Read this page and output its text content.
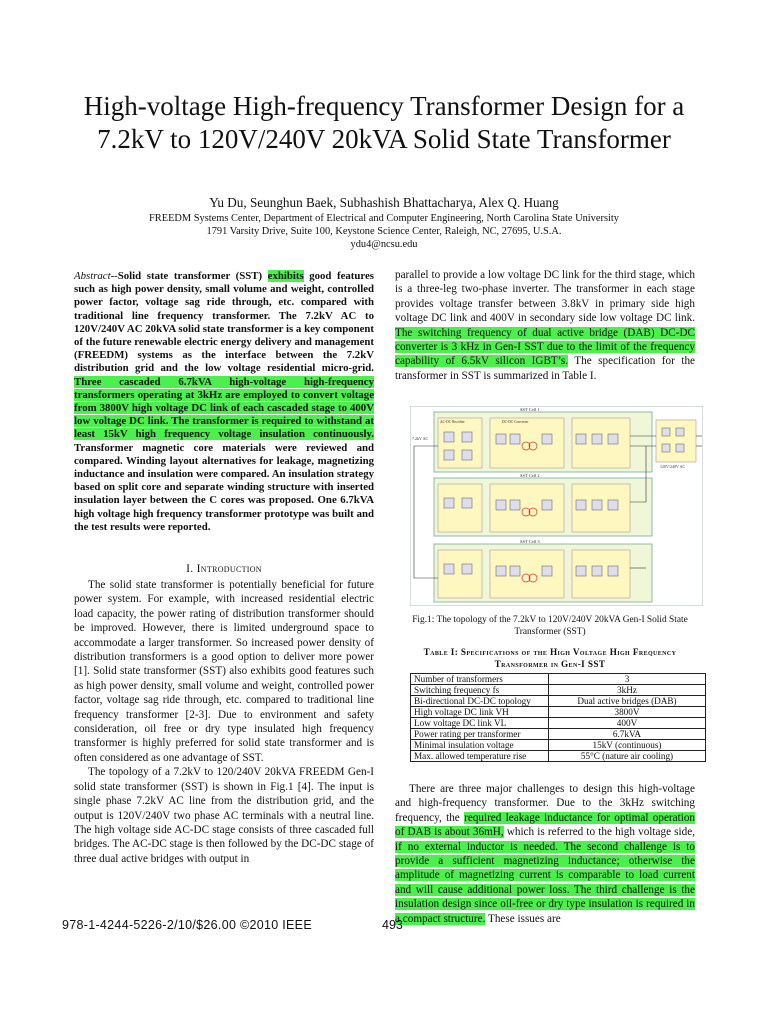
High-voltage High-frequency Transformer Design for a 7.2kV to 120V/240V 20kVA Solid State Transformer
Yu Du, Seunghun Baek, Subhashish Bhattacharya, Alex Q. Huang
FREEDM Systems Center, Department of Electrical and Computer Engineering, North Carolina State University
1791 Varsity Drive, Suite 100, Keystone Science Center, Raleigh, NC, 27695, U.S.A.
ydu4@ncsu.edu
Abstract--Solid state transformer (SST) exhibits good features such as high power density, small volume and weight, controlled power factor, voltage sag ride through, etc. compared with traditional line frequency transformer. The 7.2kV AC to 120V/240V AC 20kVA solid state transformer is a key component of the future renewable electric energy delivery and management (FREEDM) systems as the interface between the 7.2kV distribution grid and the low voltage residential micro-grid. Three cascaded 6.7kVA high-voltage high-frequency transformers operating at 3kHz are employed to convert voltage from 3800V high voltage DC link of each cascaded stage to 400V low voltage DC link. The transformer is required to withstand at least 15kV high frequency voltage insulation continuously. Transformer magnetic core materials were reviewed and compared. Winding layout alternatives for leakage, magnetizing inductance and insulation were compared. An insulation strategy based on split core and separate winding structure with inserted insulation layer between the C cores was proposed. One 6.7kVA high voltage high frequency transformer prototype was built and the test results were reported.
I. Introduction

The solid state transformer is potentially beneficial for future power system. For example, with increased residential electric load capacity, the power rating of distribution transformer should be improved. However, there is limited underground space to accommodate a larger transformer. So increased power density of distribution transformers is a good option to deliver more power [1]. Solid state transformer (SST) also exhibits good features such as high power density, small volume and weight, controlled power factor, voltage sag ride through, etc. compared to traditional line frequency transformer [2-3]. Due to environment and safety consideration, oil free or dry type insulated high frequency transformer is highly preferred for solid state transformer and is often considered as one advantage of SST.

The topology of a 7.2kV to 120/240V 20kVA FREEDM Gen-I solid state transformer (SST) is shown in Fig.1 [4]. The input is single phase 7.2kV AC line from the distribution grid, and the output is 120V/240V two phase AC terminals with a neutral line. The high voltage side AC-DC stage consists of three cascaded full bridges. The AC-DC stage is then followed by the DC-DC stage of three dual active bridges with output in

parallel to provide a low voltage DC link for the third stage, which is a three-leg two-phase inverter. The transformer in each stage provides voltage transfer between 3.8kV in primary side high voltage DC link and 400V in secondary side low voltage DC link. The switching frequency of dual active bridge (DAB) DC-DC converter is 3 kHz in Gen-I SST due to the limit of the frequency capability of 6.5kV silicon IGBT’s. The specification for the transformer in SST is summarized in Table I.
SST Cell 1
AC-DC Rectifier	DC-DC Converter
SST Cell 2
SST Cell 3
7.2kV AC
120V/240V AC
Fig.1: The topology of the 7.2kV to 120V/240V 20kVA Gen-I Solid State Transformer (SST)
Table I: Specifications of the High Voltage High Frequency
Transformer in Gen-I SST
Number of transformers	3
Switching frequency fs	3kHz
Bi-directional DC-DC topology	Dual active bridges (DAB)
High voltage DC link VH	3800V
Low voltage DC link VL	400V
Power rating per transformer	6.7kVA
Minimal insulation voltage	15kV (continuous)
Max. allowed temperature rise	55°C (nature air cooling)

There are three major challenges to design this high-voltage and high-frequency transformer. Due to the 3kHz switching frequency, the required leakage inductance for optimal operation of DAB is about 36mH, which is referred to the high voltage side, if no external inductor is needed. The second challenge is to provide a sufficient magnetizing inductance; otherwise the amplitude of magnetizing current is comparable to load current and will cause additional power loss. The third challenge is the insulation design since oil-free or dry type insulation is required in a compact structure. These issues are

978-1-4244-5226-2/10/$26.00 ©2010 IEEE	493
